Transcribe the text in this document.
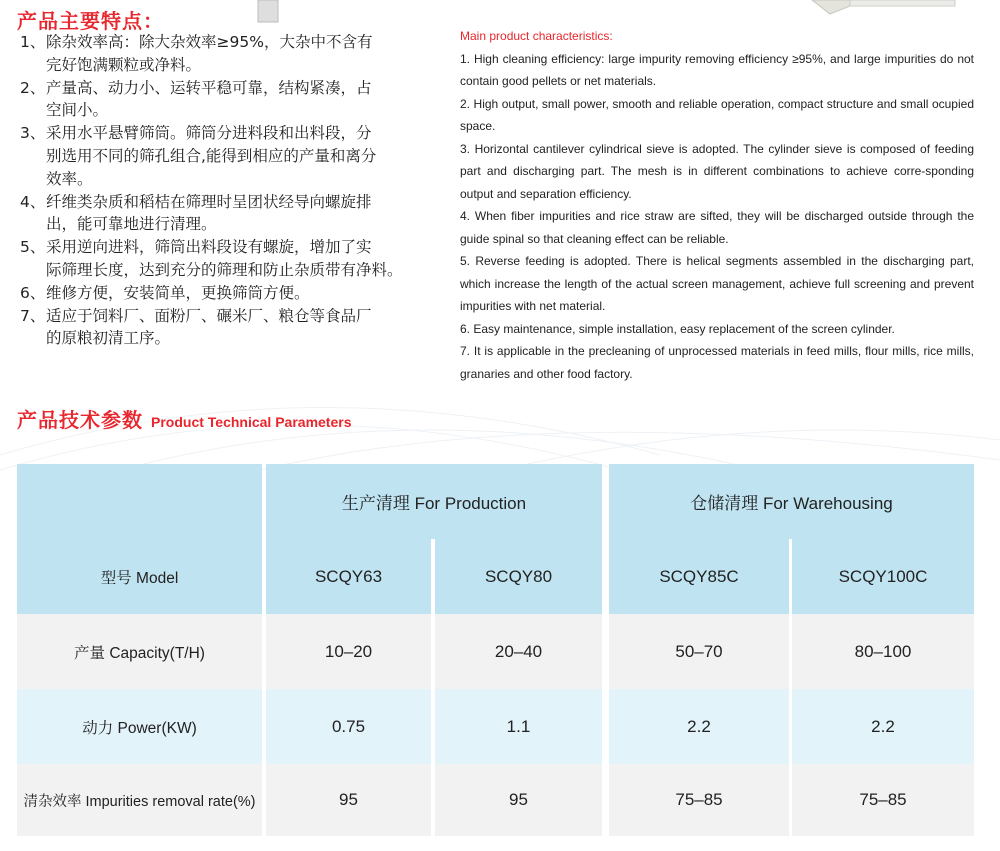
产品主要特点：
1、 除杂效率高：除大杂效率≥95%，大杂中不含有
完好饱满颗粒或净料。
2、 产量高、动力小、运转平稳可靠，结构紧凑，占
空间小。
3、 采用水平悬臂筛筒。筛筒分进料段和出料段，分
别选用不同的筛孔组合,能得到相应的产量和离分
效率。
4、 纤维类杂质和稻桔在筛理时呈团状经导向螺旋排
出，能可靠地进行清理。
5、 采用逆向进料，筛筒出料段设有螺旋，增加了实
际筛理长度，达到充分的筛理和防止杂质带有净料。
6、 维修方便，安装简单，更换筛筒方便。
7、 适应于饲料厂、面粉厂、碾米厂、粮仓等食品厂
的原粮初清工序。
Main product characteristics:

1. High cleaning efficiency: large impurity removing efficiency ≥95%, and large impurities do not contain good pellets or net materials.

2. High output, small power, smooth and reliable operation, compact structure and small ocupied space.

3. Horizontal cantilever cylindrical sieve is adopted. The cylinder sieve is composed of feeding part and discharging part. The mesh is in different combinations to achieve corre-sponding output and separation efficiency.

4. When fiber impurities and rice straw are sifted, they will be discharged outside through the guide spinal so that cleaning effect can be reliable.

5. Reverse feeding is adopted. There is helical segments assembled in the discharging part, which increase the length of the actual screen management, achieve full screening and prevent impurities with net material.

6. Easy maintenance, simple installation, easy replacement of the screen cylinder.

7. It is applicable in the precleaning of unprocessed materials in feed mills, flour mills, rice mills, granaries and other food factory.

产品技术参数 Product Technical Parameters
生产清理 For Production	仓储清理 For Warehousing
型号 Model	SCQY63	SCQY80	SCQY85C	SCQY100C
产量 Capacity(T/H)	10–20	20–40	50–70	80–100
动力 Power(KW)	0.75	1.1	2.2	2.2
清杂效率 Impurities removal rate(%)	95	95	75–85	75–85
